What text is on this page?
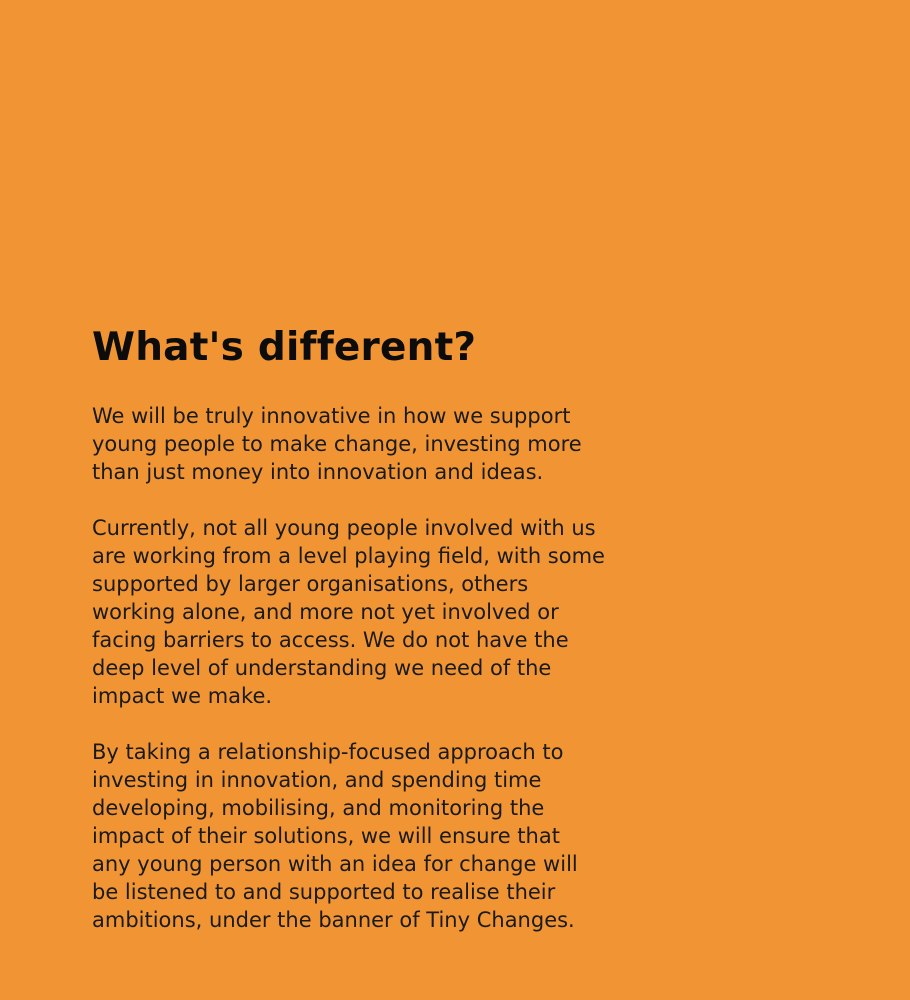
What's different?

We will be truly innovative in how we support
young people to make change, investing more
than just money into innovation and ideas.

Currently, not all young people involved with us
are working from a level playing field, with some
supported by larger organisations, others
working alone, and more not yet involved or
facing barriers to access. We do not have the
deep level of understanding we need of the
impact we make.

By taking a relationship-focused approach to
investing in innovation, and spending time
developing, mobilising, and monitoring the
impact of their solutions, we will ensure that
any young person with an idea for change will
be listened to and supported to realise their
ambitions, under the banner of Tiny Changes.
